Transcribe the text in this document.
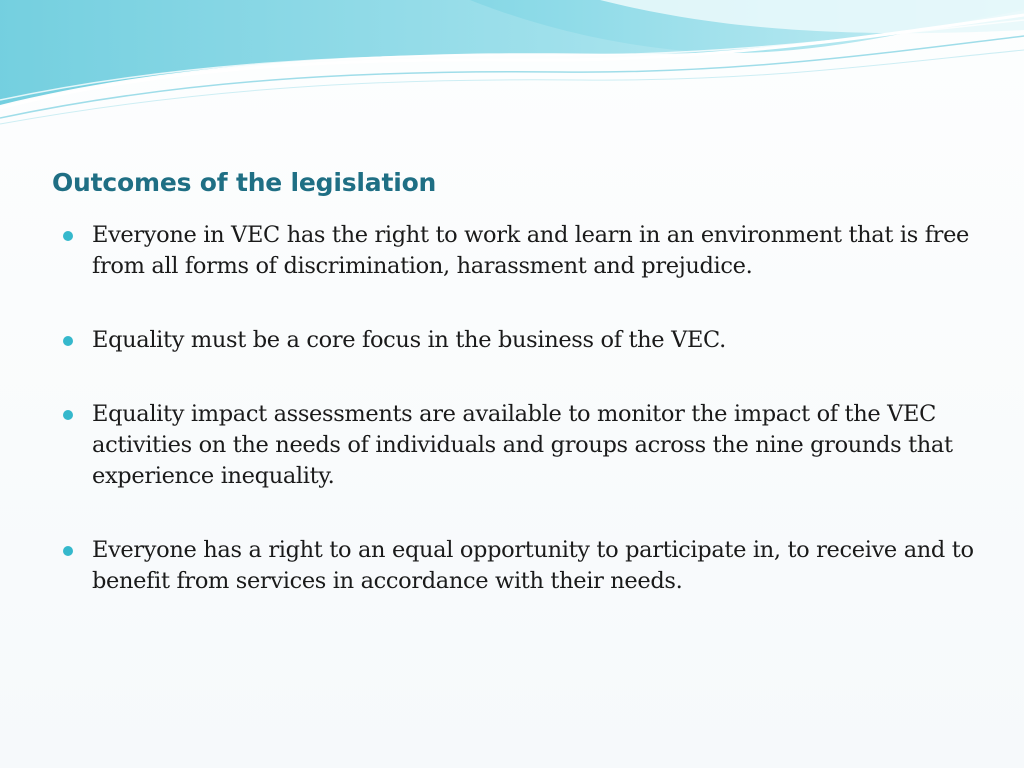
Outcomes of the legislation
Everyone in VEC has the right to work and learn in an environment that is free from all forms of discrimination, harassment and prejudice.
Equality must be a core focus in the business of the VEC.
Equality impact assessments are available to monitor the impact of the VEC activities on the needs of individuals and groups across the nine grounds that experience inequality.
Everyone has a right to an equal opportunity to participate in, to receive and to benefit from services in accordance with their needs.
